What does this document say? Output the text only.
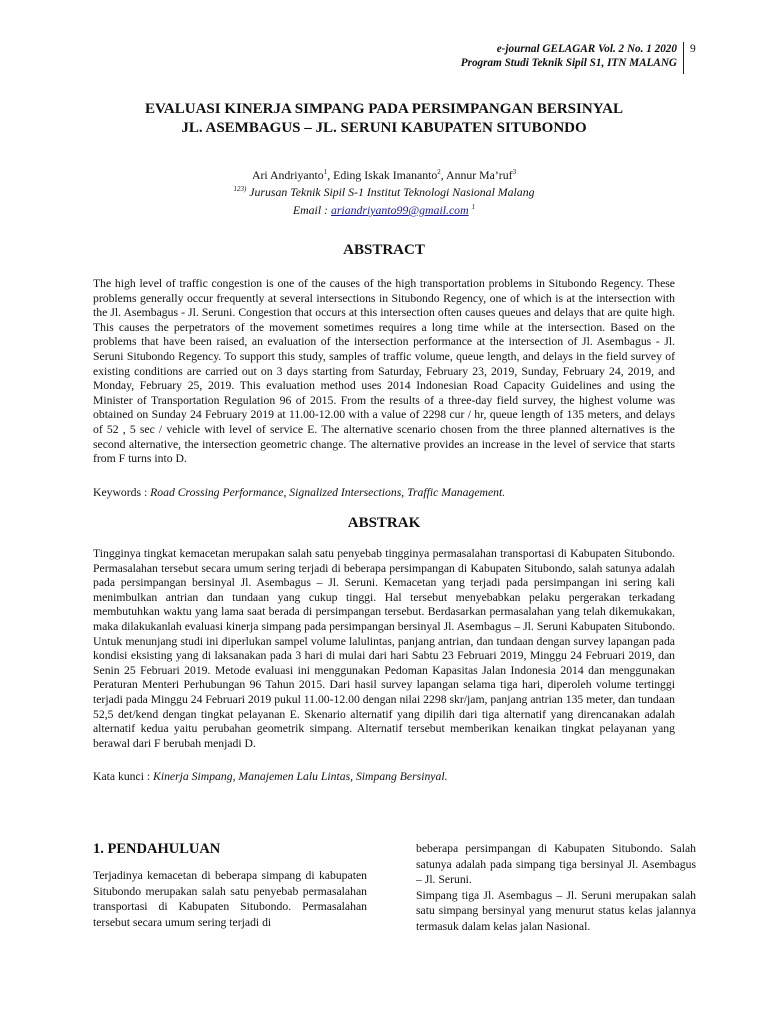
e-journal GELAGAR Vol. 2 No. 1 2020
Program Studi Teknik Sipil S1, ITN MALANG
9
EVALUASI KINERJA SIMPANG PADA PERSIMPANGAN BERSINYAL
JL. ASEMBAGUS – JL. SERUNI KABUPATEN SITUBONDO
Ari Andriyanto$^1$, Eding Iskak Imananto$^2$, Annur Ma’ruf$^3$
$^{123)}$ Jurusan Teknik Sipil S-1 Institut Teknologi Nasional Malang
Email : ariandriyanto99@gmail.com $^1$
ABSTRACT
The high level of traffic congestion is one of the causes of the high transportation problems in Situbondo Regency. These problems generally occur frequently at several intersections in Situbondo Regency, one of which is at the intersection with the Jl. Asembagus - Jl. Seruni. Congestion that occurs at this intersection often causes queues and delays that are quite high. This causes the perpetrators of the movement sometimes requires a long time while at the intersection. Based on the problems that have been raised, an evaluation of the intersection performance at the intersection of Jl. Asembagus - Jl. Seruni Situbondo Regency. To support this study, samples of traffic volume, queue length, and delays in the field survey of existing conditions are carried out on 3 days starting from Saturday, February 23, 2019, Sunday, February 24, 2019, and Monday, February 25, 2019. This evaluation method uses 2014 Indonesian Road Capacity Guidelines and using the Minister of Transportation Regulation 96 of 2015. From the results of a three-day field survey, the highest volume was obtained on Sunday 24 February 2019 at 11.00-12.00 with a value of 2298 cur / hr, queue length of 135 meters, and delays of 52 , 5 sec / vehicle with level of service E. The alternative scenario chosen from the three planned alternatives is the second alternative, the intersection geometric change. The alternative provides an increase in the level of service that starts from F turns into D.
Keywords : Road Crossing Performance, Signalized Intersections, Traffic Management.
ABSTRAK
Tingginya tingkat kemacetan merupakan salah satu penyebab tingginya permasalahan transportasi di Kabupaten Situbondo. Permasalahan tersebut secara umum sering terjadi di beberapa persimpangan di Kabupaten Situbondo, salah satunya adalah pada persimpangan bersinyal Jl. Asembagus – Jl. Seruni. Kemacetan yang terjadi pada persimpangan ini sering kali menimbulkan antrian dan tundaan yang cukup tinggi. Hal tersebut menyebabkan pelaku pergerakan terkadang membutuhkan waktu yang lama saat berada di persimpangan tersebut. Berdasarkan permasalahan yang telah dikemukakan, maka dilakukanlah evaluasi kinerja simpang pada persimpangan bersinyal Jl. Asembagus – Jl. Seruni Kabupaten Situbondo. Untuk menunjang studi ini diperlukan sampel volume lalulintas, panjang antrian, dan tundaan dengan survey lapangan pada kondisi eksisting yang di laksanakan pada 3 hari di mulai dari hari Sabtu 23 Februari 2019, Minggu 24 Februari 2019, dan Senin 25 Februari 2019. Metode evaluasi ini menggunakan Pedoman Kapasitas Jalan Indonesia 2014 dan menggunakan Peraturan Menteri Perhubungan 96 Tahun 2015. Dari hasil survey lapangan selama tiga hari, diperoleh volume tertinggi terjadi pada Minggu 24 Februari 2019 pukul 11.00-12.00 dengan nilai 2298 skr/jam, panjang antrian 135 meter, dan tundaan 52,5 det/kend dengan tingkat pelayanan E. Skenario alternatif yang dipilih dari tiga alternatif yang direncanakan adalah alternatif kedua yaitu perubahan geometrik simpang. Alternatif tersebut memberikan kenaikan tingkat pelayanan yang berawal dari F berubah menjadi D.
Kata kunci : Kinerja Simpang, Manajemen Lalu Lintas, Simpang Bersinyal.
1. PENDAHULUAN
Terjadinya kemacetan di beberapa simpang di kabupaten Situbondo merupakan salah satu penyebab permasalahan transportasi di Kabupaten Situbondo. Permasalahan tersebut secara umum sering terjadi di

beberapa persimpangan di Kabupaten Situbondo. Salah satunya adalah pada simpang tiga bersinyal Jl. Asembagus – Jl. Seruni.

Simpang tiga Jl. Asembagus – Jl. Seruni merupakan salah satu simpang bersinyal yang menurut status kelas jalannya termasuk dalam kelas jalan Nasional.
